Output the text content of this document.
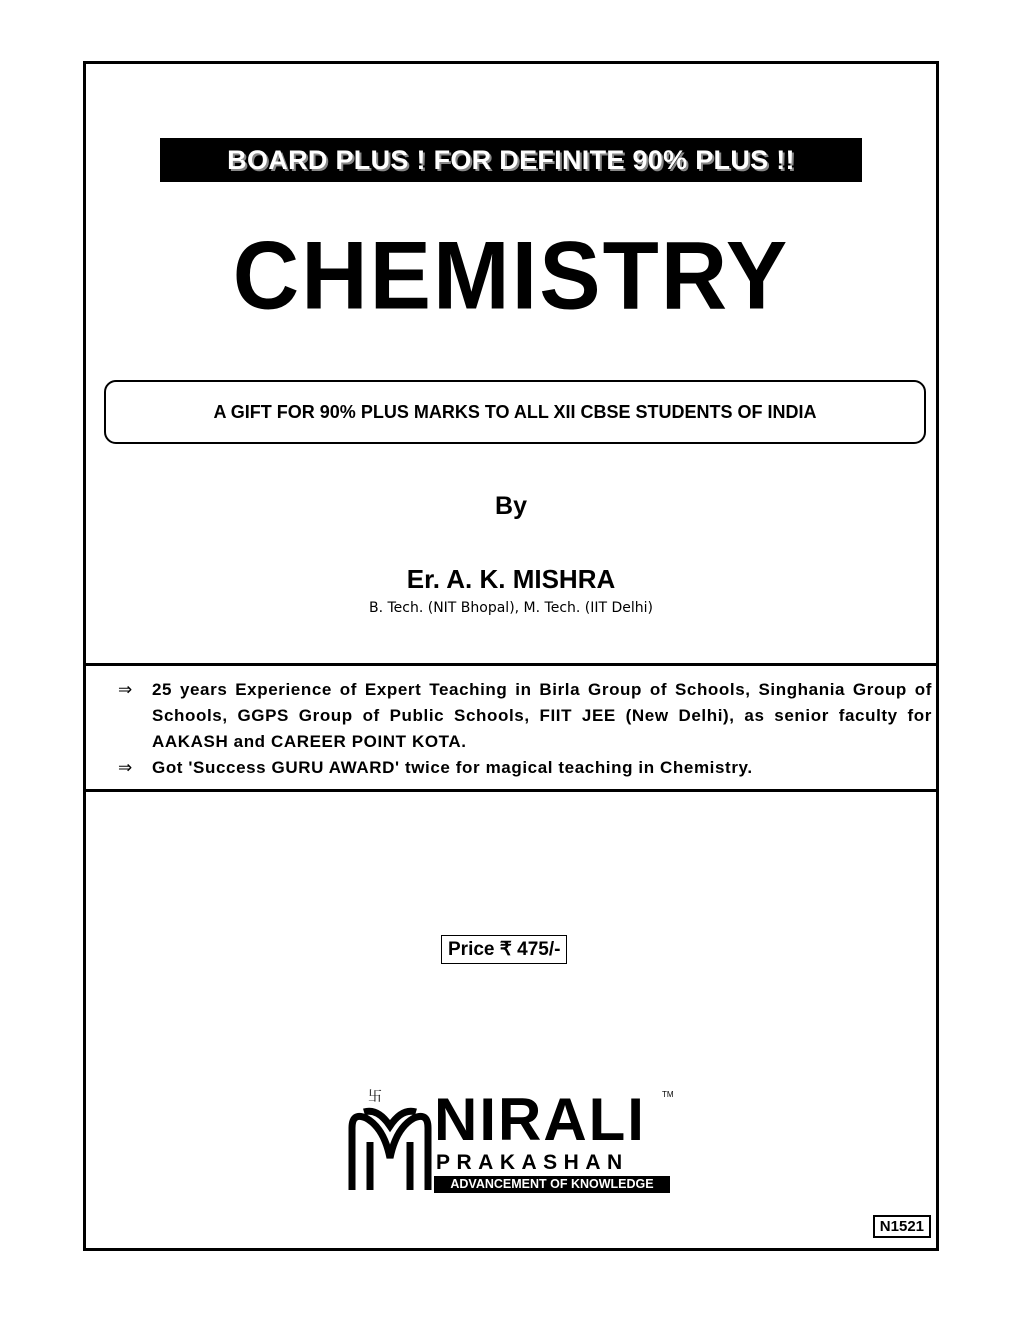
BOARD PLUS ! FOR DEFINITE 90% PLUS !!
CHEMISTRY
A GIFT FOR 90% PLUS MARKS TO ALL XII CBSE STUDENTS OF INDIA
By
Er. A. K. MISHRA
B. Tech. (NIT Bhopal), M. Tech. (IIT Delhi)
⇒	25 years Experience of Expert Teaching in Birla Group of Schools, Singhania Group of Schools, GGPS Group of Public Schools, FIIT JEE (New Delhi), as senior faculty for AAKASH and CAREER POINT KOTA.
⇒	Got 'Success GURU AWARD' twice for magical teaching in Chemistry.
Price ₹ 475/-
卐 NIRALI TM
PRAKASHAN
ADVANCEMENT OF KNOWLEDGE
N1521
